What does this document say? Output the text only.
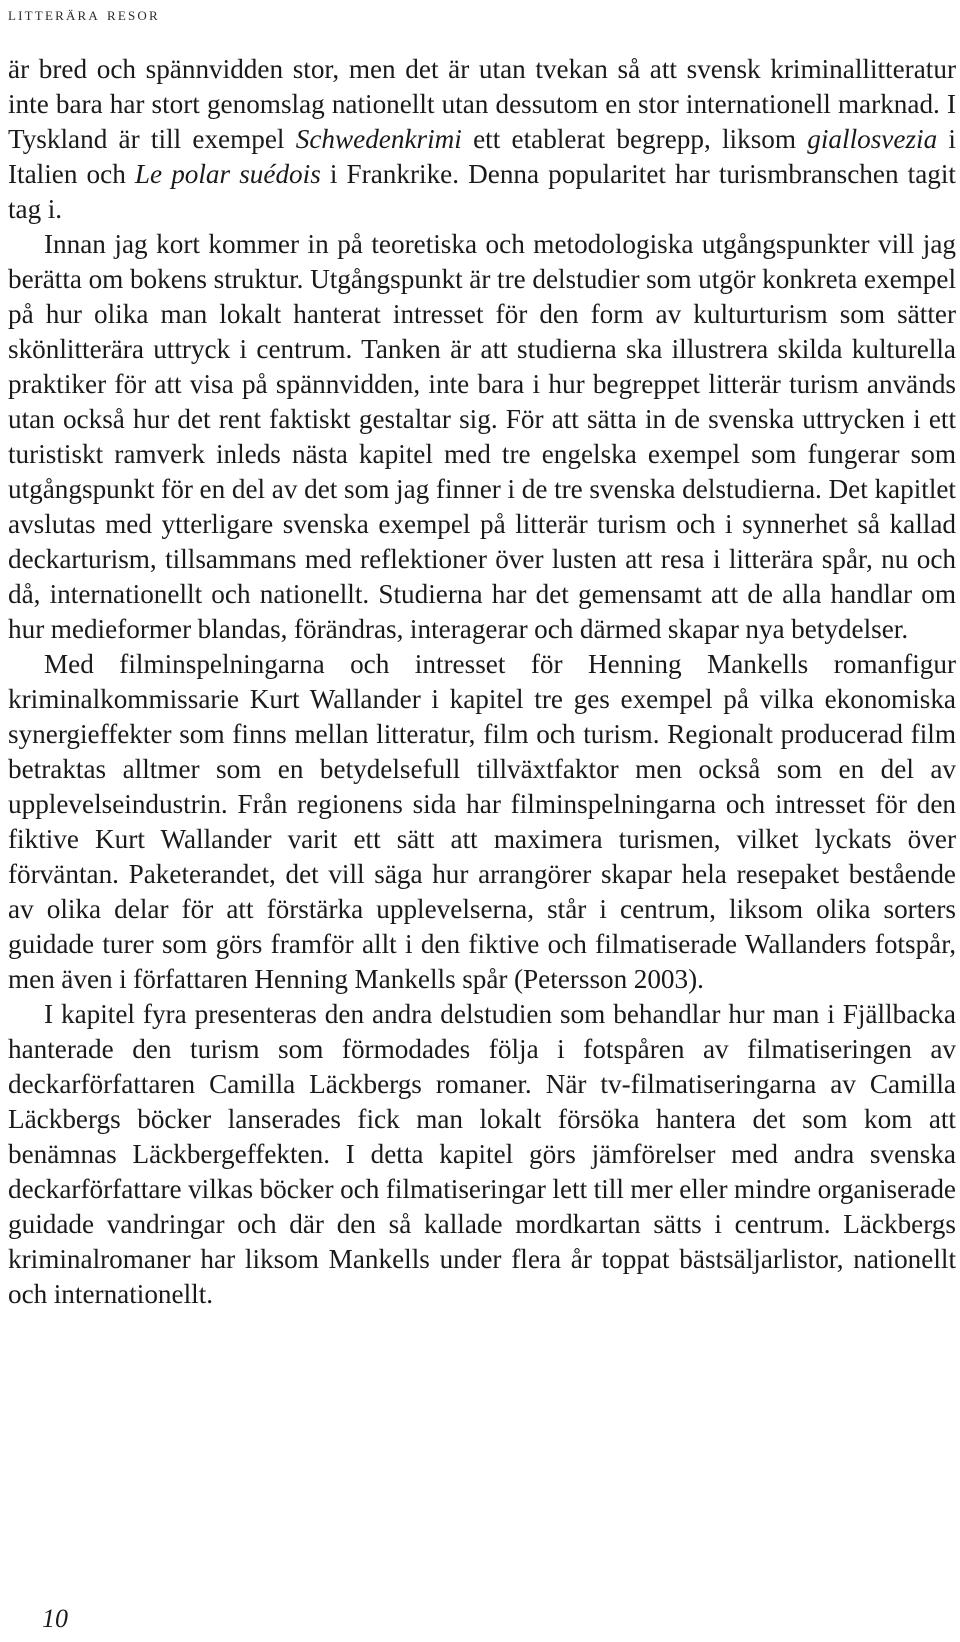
litterära resor

är bred och spännvidden stor, men det är utan tvekan så att svensk kriminallitteratur inte bara har stort genomslag nationellt utan dessutom en stor internationell marknad. I Tyskland är till exempel Schwedenkrimi ett etablerat begrepp, liksom giallosvezia i Italien och Le polar suédois i Frankrike. Denna popularitet har turismbranschen tagit tag i.

Innan jag kort kommer in på teoretiska och metodologiska utgångspunkter vill jag berätta om bokens struktur. Utgångspunkt är tre delstudier som utgör konkreta exempel på hur olika man lokalt hanterat intresset för den form av kulturturism som sätter skönlitterära uttryck i centrum. Tanken är att studierna ska illustrera skilda kulturella praktiker för att visa på spännvidden, inte bara i hur begreppet litterär turism används utan också hur det rent faktiskt gestaltar sig. För att sätta in de svenska uttrycken i ett turistiskt ramverk inleds nästa kapitel med tre engelska exempel som fungerar som utgångspunkt för en del av det som jag finner i de tre svenska delstudierna. Det kapitlet avslutas med ytterligare svenska exempel på litterär turism och i synnerhet så kallad deckarturism, tillsammans med reflektioner över lusten att resa i litterära spår, nu och då, internationellt och nationellt. Studierna har det gemensamt att de alla handlar om hur medieformer blandas, förändras, interagerar och därmed skapar nya betydelser.

Med filminspelningarna och intresset för Henning Mankells romanfigur kriminalkommissarie Kurt Wallander i kapitel tre ges exempel på vilka ekonomiska synergieffekter som finns mellan litteratur, film och turism. Regionalt producerad film betraktas alltmer som en betydelsefull tillväxtfaktor men också som en del av upplevelseindustrin. Från regionens sida har filminspelningarna och intresset för den fiktive Kurt Wallander varit ett sätt att maximera turismen, vilket lyckats över förväntan. Paketerandet, det vill säga hur arrangörer skapar hela resepaket bestående av olika delar för att förstärka upplevelserna, står i centrum, liksom olika sorters guidade turer som görs framför allt i den fiktive och filmatiserade Wallanders fotspår, men även i författaren Henning Mankells spår (Petersson 2003).

I kapitel fyra presenteras den andra delstudien som behandlar hur man i Fjällbacka hanterade den turism som förmodades följa i fotspåren av filmatiseringen av deckarförfattaren Camilla Läckbergs romaner. När tv-filmatiseringarna av Camilla Läckbergs böcker lanserades fick man lokalt försöka hantera det som kom att benämnas Läckbergeffekten. I detta kapitel görs jämförelser med andra svenska deckarförfattare vilkas böcker och filmatiseringar lett till mer eller mindre organiserade guidade vandringar och där den så kallade mordkartan sätts i centrum. Läckbergs kriminalromaner har liksom Mankells under flera år toppat bästsäljarlistor, nationellt och internationellt.

10
